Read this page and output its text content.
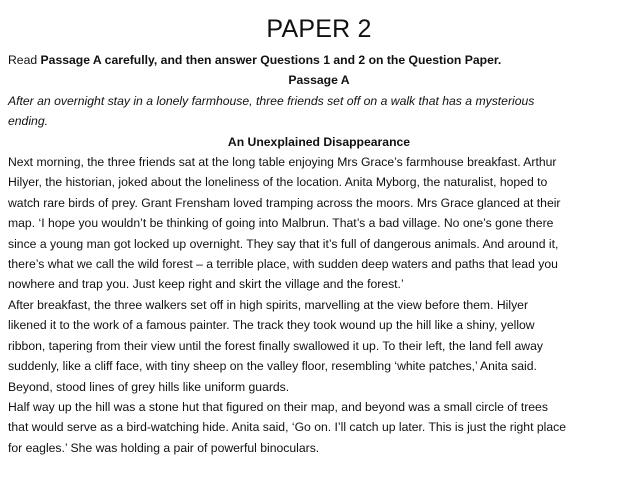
PAPER 2

Read Passage A carefully, and then answer Questions 1 and 2 on the Question Paper.

Passage A

After an overnight stay in a lonely farmhouse, three friends set off on a walk that has a mysterious

ending.

An Unexplained Disappearance

Next morning, the three friends sat at the long table enjoying Mrs Grace’s farmhouse breakfast. Arthur

Hilyer, the historian, joked about the loneliness of the location. Anita Myborg, the naturalist, hoped to

watch rare birds of prey. Grant Frensham loved tramping across the moors. Mrs Grace glanced at their

map. ‘I hope you wouldn’t be thinking of going into Malbrun. That’s a bad village. No one’s gone there

since a young man got locked up overnight. They say that it’s full of dangerous animals. And around it,

there’s what we call the wild forest – a terrible place, with sudden deep waters and paths that lead you

nowhere and trap you. Just keep right and skirt the village and the forest.’

After breakfast, the three walkers set off in high spirits, marvelling at the view before them. Hilyer

likened it to the work of a famous painter. The track they took wound up the hill like a shiny, yellow

ribbon, tapering from their view until the forest finally swallowed it up. To their left, the land fell away

suddenly, like a cliff face, with tiny sheep on the valley floor, resembling ‘white patches,’ Anita said.

Beyond, stood lines of grey hills like uniform guards.

Half way up the hill was a stone hut that figured on their map, and beyond was a small circle of trees

that would serve as a bird-watching hide. Anita said, ‘Go on. I’ll catch up later. This is just the right place

for eagles.’ She was holding a pair of powerful binoculars.
